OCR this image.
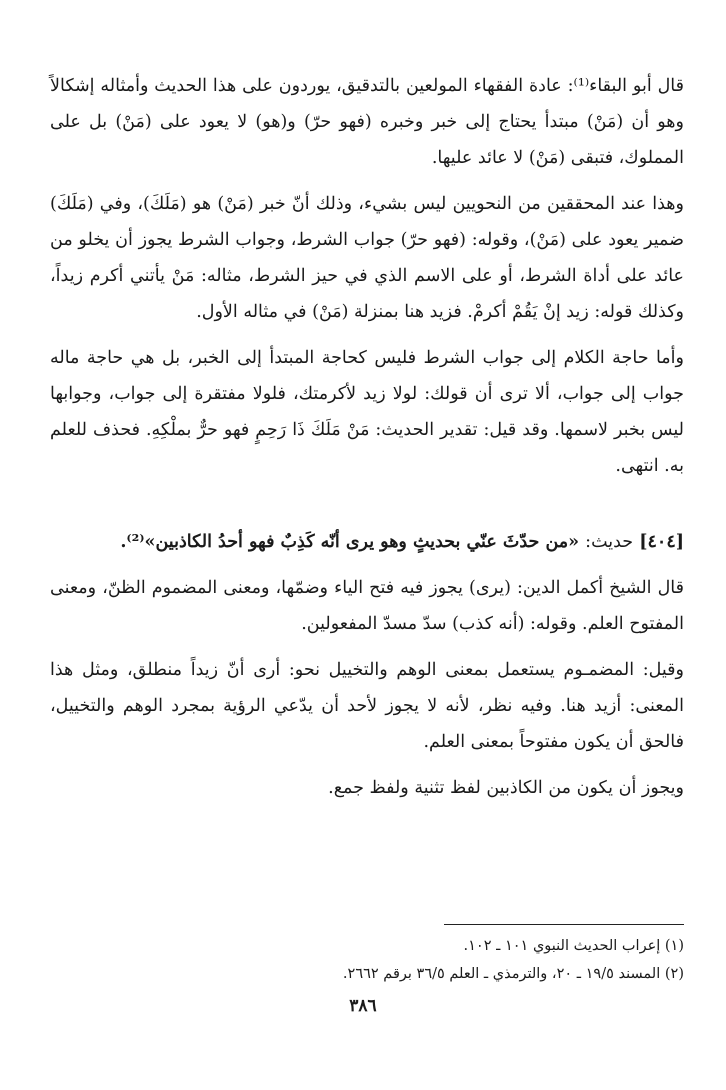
قال أبو البقاء⁽¹⁾: عادة الفقهاء المولعين بالتدقيق، يوردون على هذا الحديث وأمثاله إشكالاً وهو أن (مَنْ) مبتدأ يحتاج إلى خبر وخبره (فهو حرّ) و(هو) لا يعود على (مَنْ) بل على المملوك، فتبقى (مَنْ) لا عائد عليها.

وهذا عند المحققين من النحويين ليس بشيء، وذلك أنّ خبر (مَنْ) هو (مَلَكَ)، وفي (مَلَكَ) ضمير يعود على (مَنْ)، وقوله: (فهو حرّ) جواب الشرط، وجواب الشرط يجوز أن يخلو من عائد على أداة الشرط، أو على الاسم الذي في حيز الشرط، مثاله: مَنْ يأتني أكرم زيداً، وكذلك قوله: زيد إنْ يَقُمْ أكرمْ. فزيد هنا بمنزلة (مَنْ) في مثاله الأول.

وأما حاجة الكلام إلى جواب الشرط فليس كحاجة المبتدأ إلى الخبر، بل هي حاجة ماله جواب إلى جواب، ألا ترى أن قولك: لولا زيد لأكرمتك، فلولا مفتقرة إلى جواب، وجوابها ليس بخبر لاسمها. وقد قيل: تقدير الحديث: مَنْ مَلَكَ ذَا رَحِمٍ فهو حرٌّ بملْكِهِ. فحذف للعلم به. انتهى.

[٤٠٤] حديث: «من حدّثَ عنّي بحديثٍ وهو يرى أنّه كَذِبٌ فهو أحدُ الكاذبين»⁽²⁾.

قال الشيخ أكمل الدين: (يرى) يجوز فيه فتح الياء وضمّها، ومعنى المضموم الظنّ، ومعنى المفتوح العلم. وقوله: (أنه كذب) سدّ مسدّ المفعولين.

وقيل: المضمـوم يستعمل بمعنى الوهم والتخييل نحو: أرى أنّ زيداً منطلق، ومثل هذا المعنى: أزيد هنا. وفيه نظر، لأنه لا يجوز لأحد أن يدّعي الرؤية بمجرد الوهم والتخييل، فالحق أن يكون مفتوحاً بمعنى العلم.

ويجوز أن يكون من الكاذبين لفظ تثنية ولفظ جمع.

(١) إعراب الحديث النبوي ١٠١ ـ ١٠٢.
(٢) المسند ١٩/٥ ـ ٢٠، والترمذي ـ العلم ٣٦/٥ برقم ٢٦٦٢.
٣٨٦
